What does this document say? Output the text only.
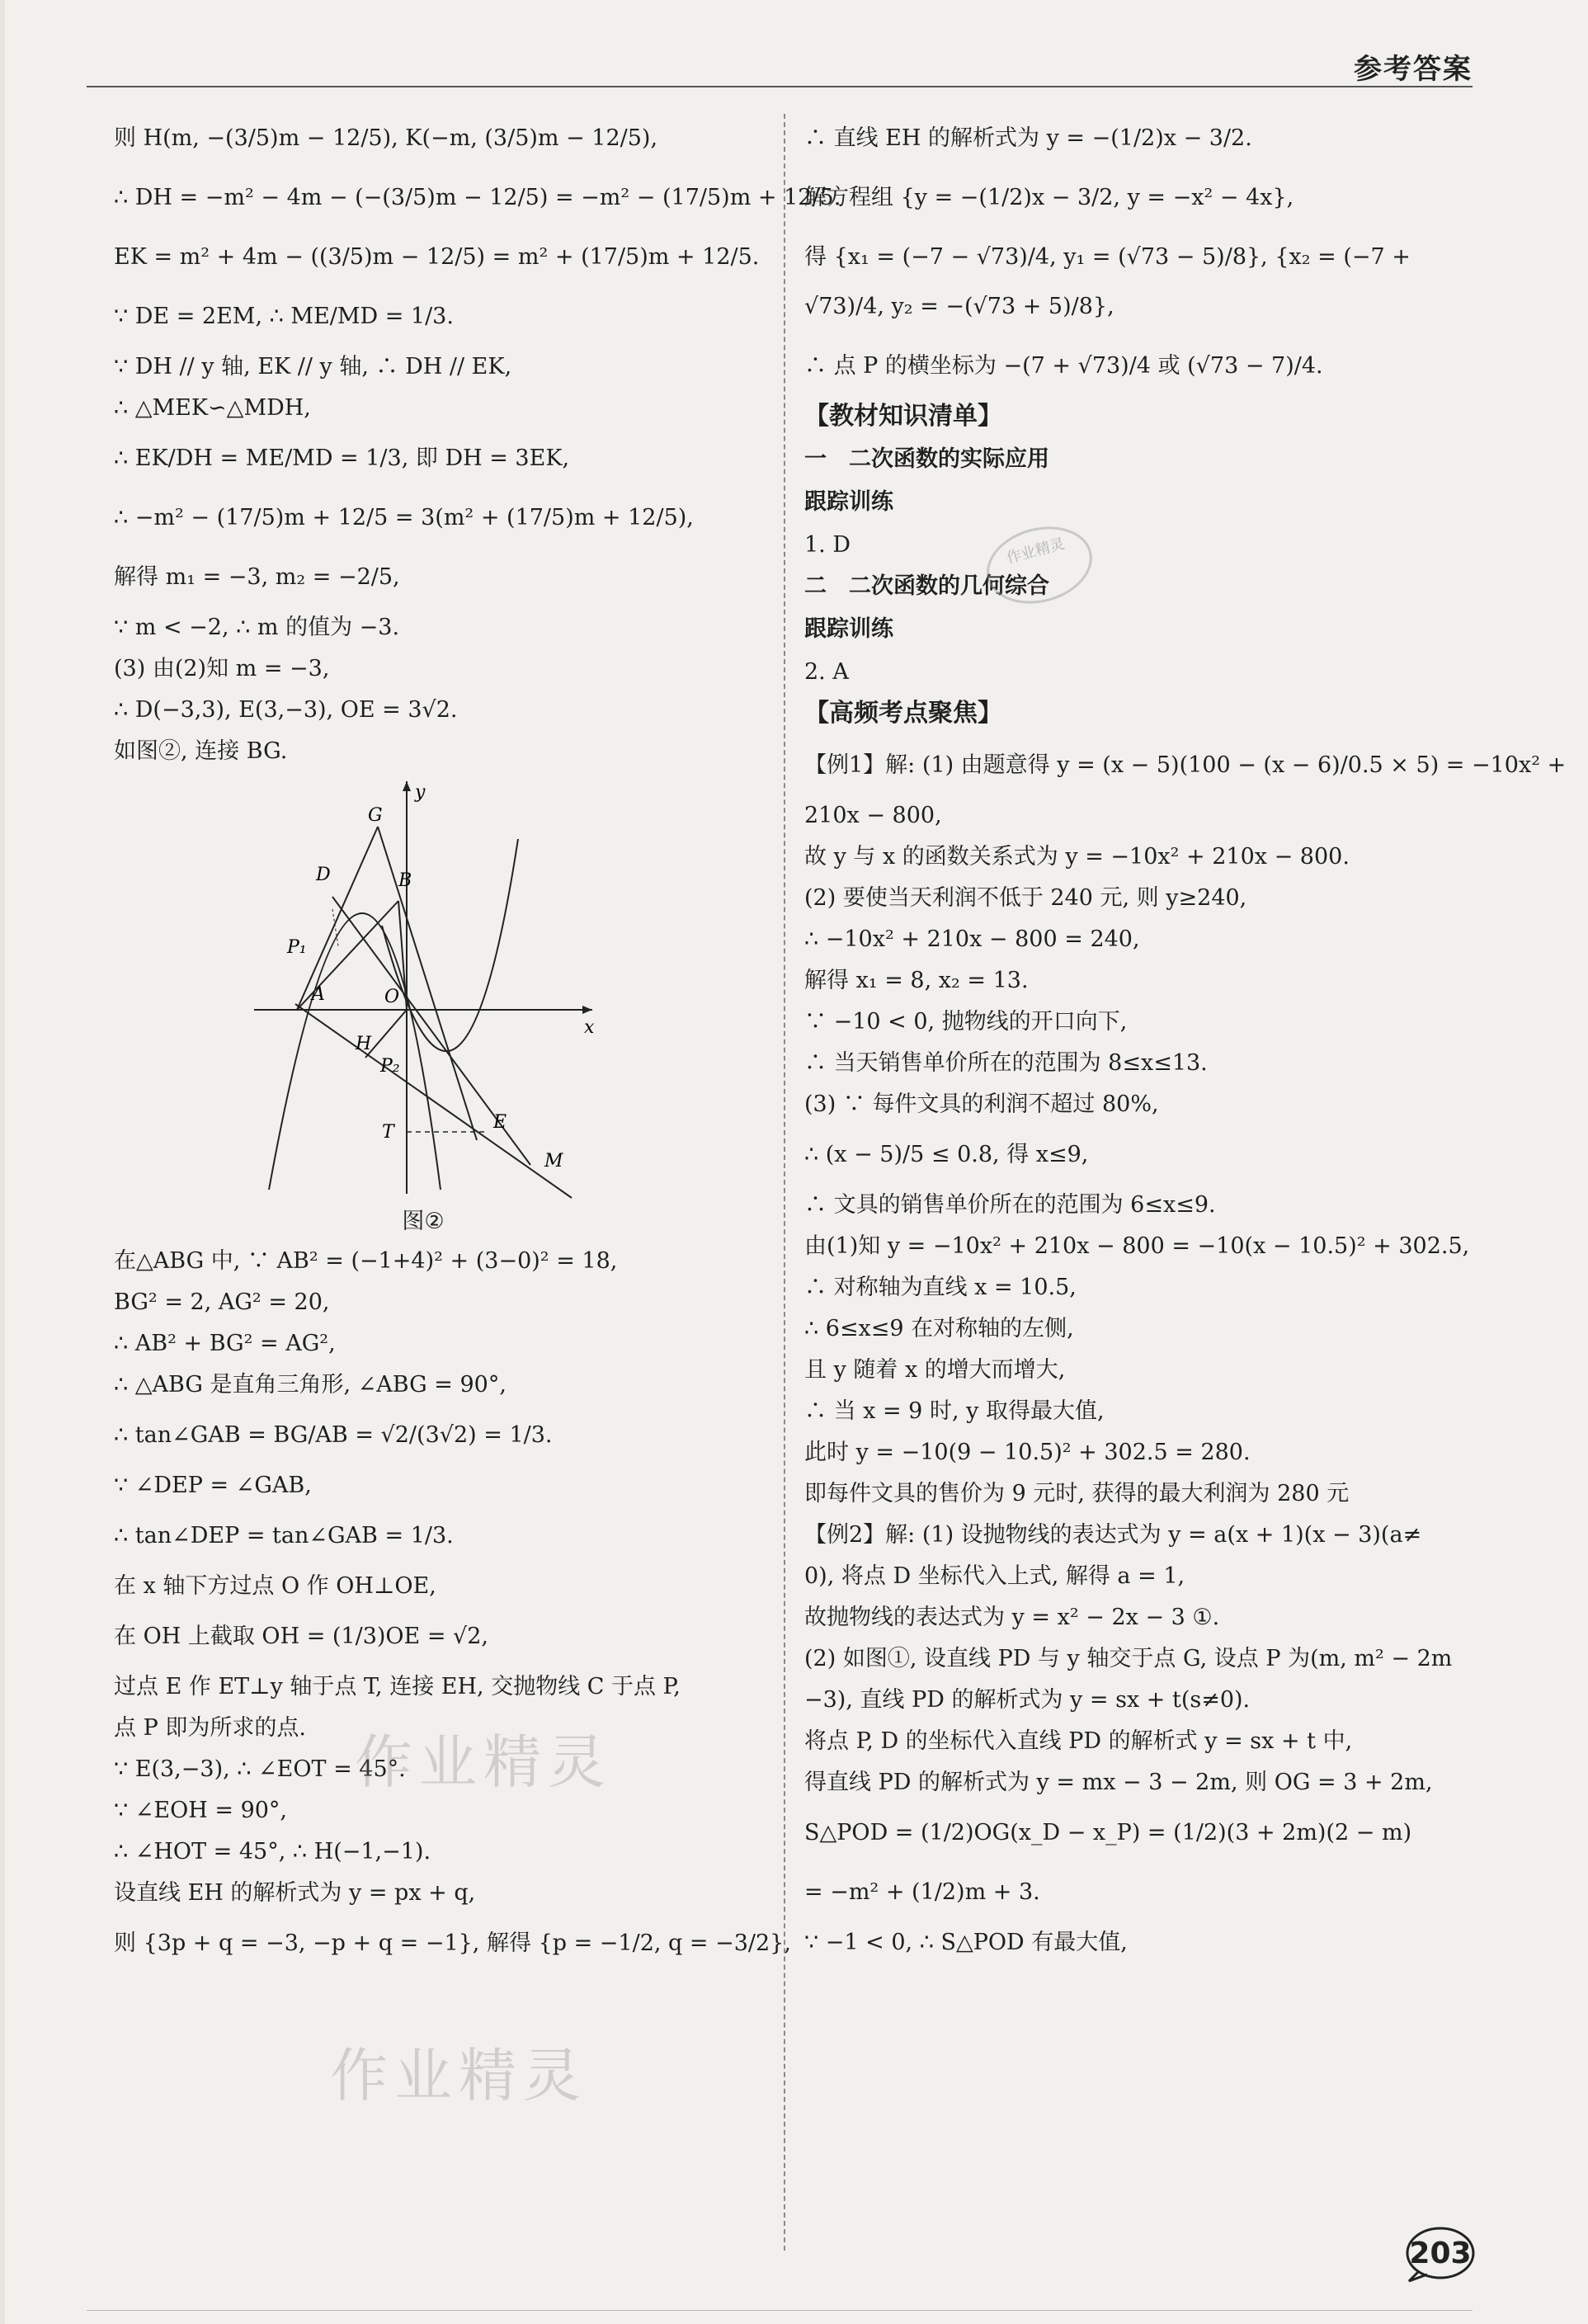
参考答案
则 H(m, −(3/5)m − 12/5), K(−m, (3/5)m − 12/5),
∴ DH = −m² − 4m − (−(3/5)m − 12/5) = −m² − (17/5)m + 12/5.
EK = m² + 4m − ((3/5)m − 12/5) = m² + (17/5)m + 12/5.
∵ DE = 2EM, ∴ ME/MD = 1/3.
∵ DH // y 轴, EK // y 轴, ∴ DH // EK,
∴ △MEK∽△MDH,
∴ EK/DH = ME/MD = 1/3, 即 DH = 3EK,
∴ −m² − (17/5)m + 12/5 = 3(m² + (17/5)m + 12/5),
解得 m₁ = −3, m₂ = −2/5,
∵ m < −2, ∴ m 的值为 −3.
(3) 由(2)知 m = −3,
∴ D(−3,3), E(3,−3), OE = 3√2.
如图②, 连接 BG.
y
x
G
D	B
P₁
A	O
H
P₂
T	E
M
图②
在△ABG 中, ∵ AB² = (−1+4)² + (3−0)² = 18,
BG² = 2, AG² = 20,
∴ AB² + BG² = AG²,
∴ △ABG 是直角三角形, ∠ABG = 90°,
∴ tan∠GAB = BG/AB = √2/(3√2) = 1/3.
∵ ∠DEP = ∠GAB,
∴ tan∠DEP = tan∠GAB = 1/3.
在 x 轴下方过点 O 作 OH⊥OE,
在 OH 上截取 OH = (1/3)OE = √2,
过点 E 作 ET⊥y 轴于点 T, 连接 EH, 交抛物线 C 于点 P,
点 P 即为所求的点.
∵ E(3,−3), ∴ ∠EOT = 45°.
∵ ∠EOH = 90°,
∴ ∠HOT = 45°, ∴ H(−1,−1).
设直线 EH 的解析式为 y = px + q,
则 {3p + q = −3, −p + q = −1}, 解得 {p = −1/2, q = −3/2},
∴ 直线 EH 的解析式为 y = −(1/2)x − 3/2.
解方程组 {y = −(1/2)x − 3/2, y = −x² − 4x},
得 {x₁ = (−7 − √73)/4, y₁ = (√73 − 5)/8}, {x₂ = (−7 + √73)/4, y₂ = −(√73 + 5)/8},
∴ 点 P 的横坐标为 −(7 + √73)/4 或 (√73 − 7)/4.
【教材知识清单】
一　二次函数的实际应用
跟踪训练
1. D
二　二次函数的几何综合
跟踪训练
2. A
【高频考点聚焦】
【例1】解: (1) 由题意得 y = (x − 5)(100 − (x − 6)/0.5 × 5) = −10x² +
210x − 800,
故 y 与 x 的函数关系式为 y = −10x² + 210x − 800.
(2) 要使当天利润不低于 240 元, 则 y≥240,
∴ −10x² + 210x − 800 = 240,
解得 x₁ = 8, x₂ = 13.
∵ −10 < 0, 抛物线的开口向下,
∴ 当天销售单价所在的范围为 8≤x≤13.
(3) ∵ 每件文具的利润不超过 80%,
∴ (x − 5)/5 ≤ 0.8, 得 x≤9,
∴ 文具的销售单价所在的范围为 6≤x≤9.
由(1)知 y = −10x² + 210x − 800 = −10(x − 10.5)² + 302.5,
∴ 对称轴为直线 x = 10.5,
∴ 6≤x≤9 在对称轴的左侧,
且 y 随着 x 的增大而增大,
∴ 当 x = 9 时, y 取得最大值,
此时 y = −10(9 − 10.5)² + 302.5 = 280.
即每件文具的售价为 9 元时, 获得的最大利润为 280 元
【例2】解: (1) 设抛物线的表达式为 y = a(x + 1)(x − 3)(a≠
0), 将点 D 坐标代入上式, 解得 a = 1,
故抛物线的表达式为 y = x² − 2x − 3 ①.
(2) 如图①, 设直线 PD 与 y 轴交于点 G, 设点 P 为(m, m² − 2m
−3), 直线 PD 的解析式为 y = sx + t(s≠0).
将点 P, D 的坐标代入直线 PD 的解析式 y = sx + t 中,
得直线 PD 的解析式为 y = mx − 3 − 2m, 则 OG = 3 + 2m,
S△POD = (1/2)OG(x_D − x_P) = (1/2)(3 + 2m)(2 − m)
= −m² + (1/2)m + 3.
∵ −1 < 0, ∴ S△POD 有最大值,
作业精灵
作业精灵
作业精灵
203
